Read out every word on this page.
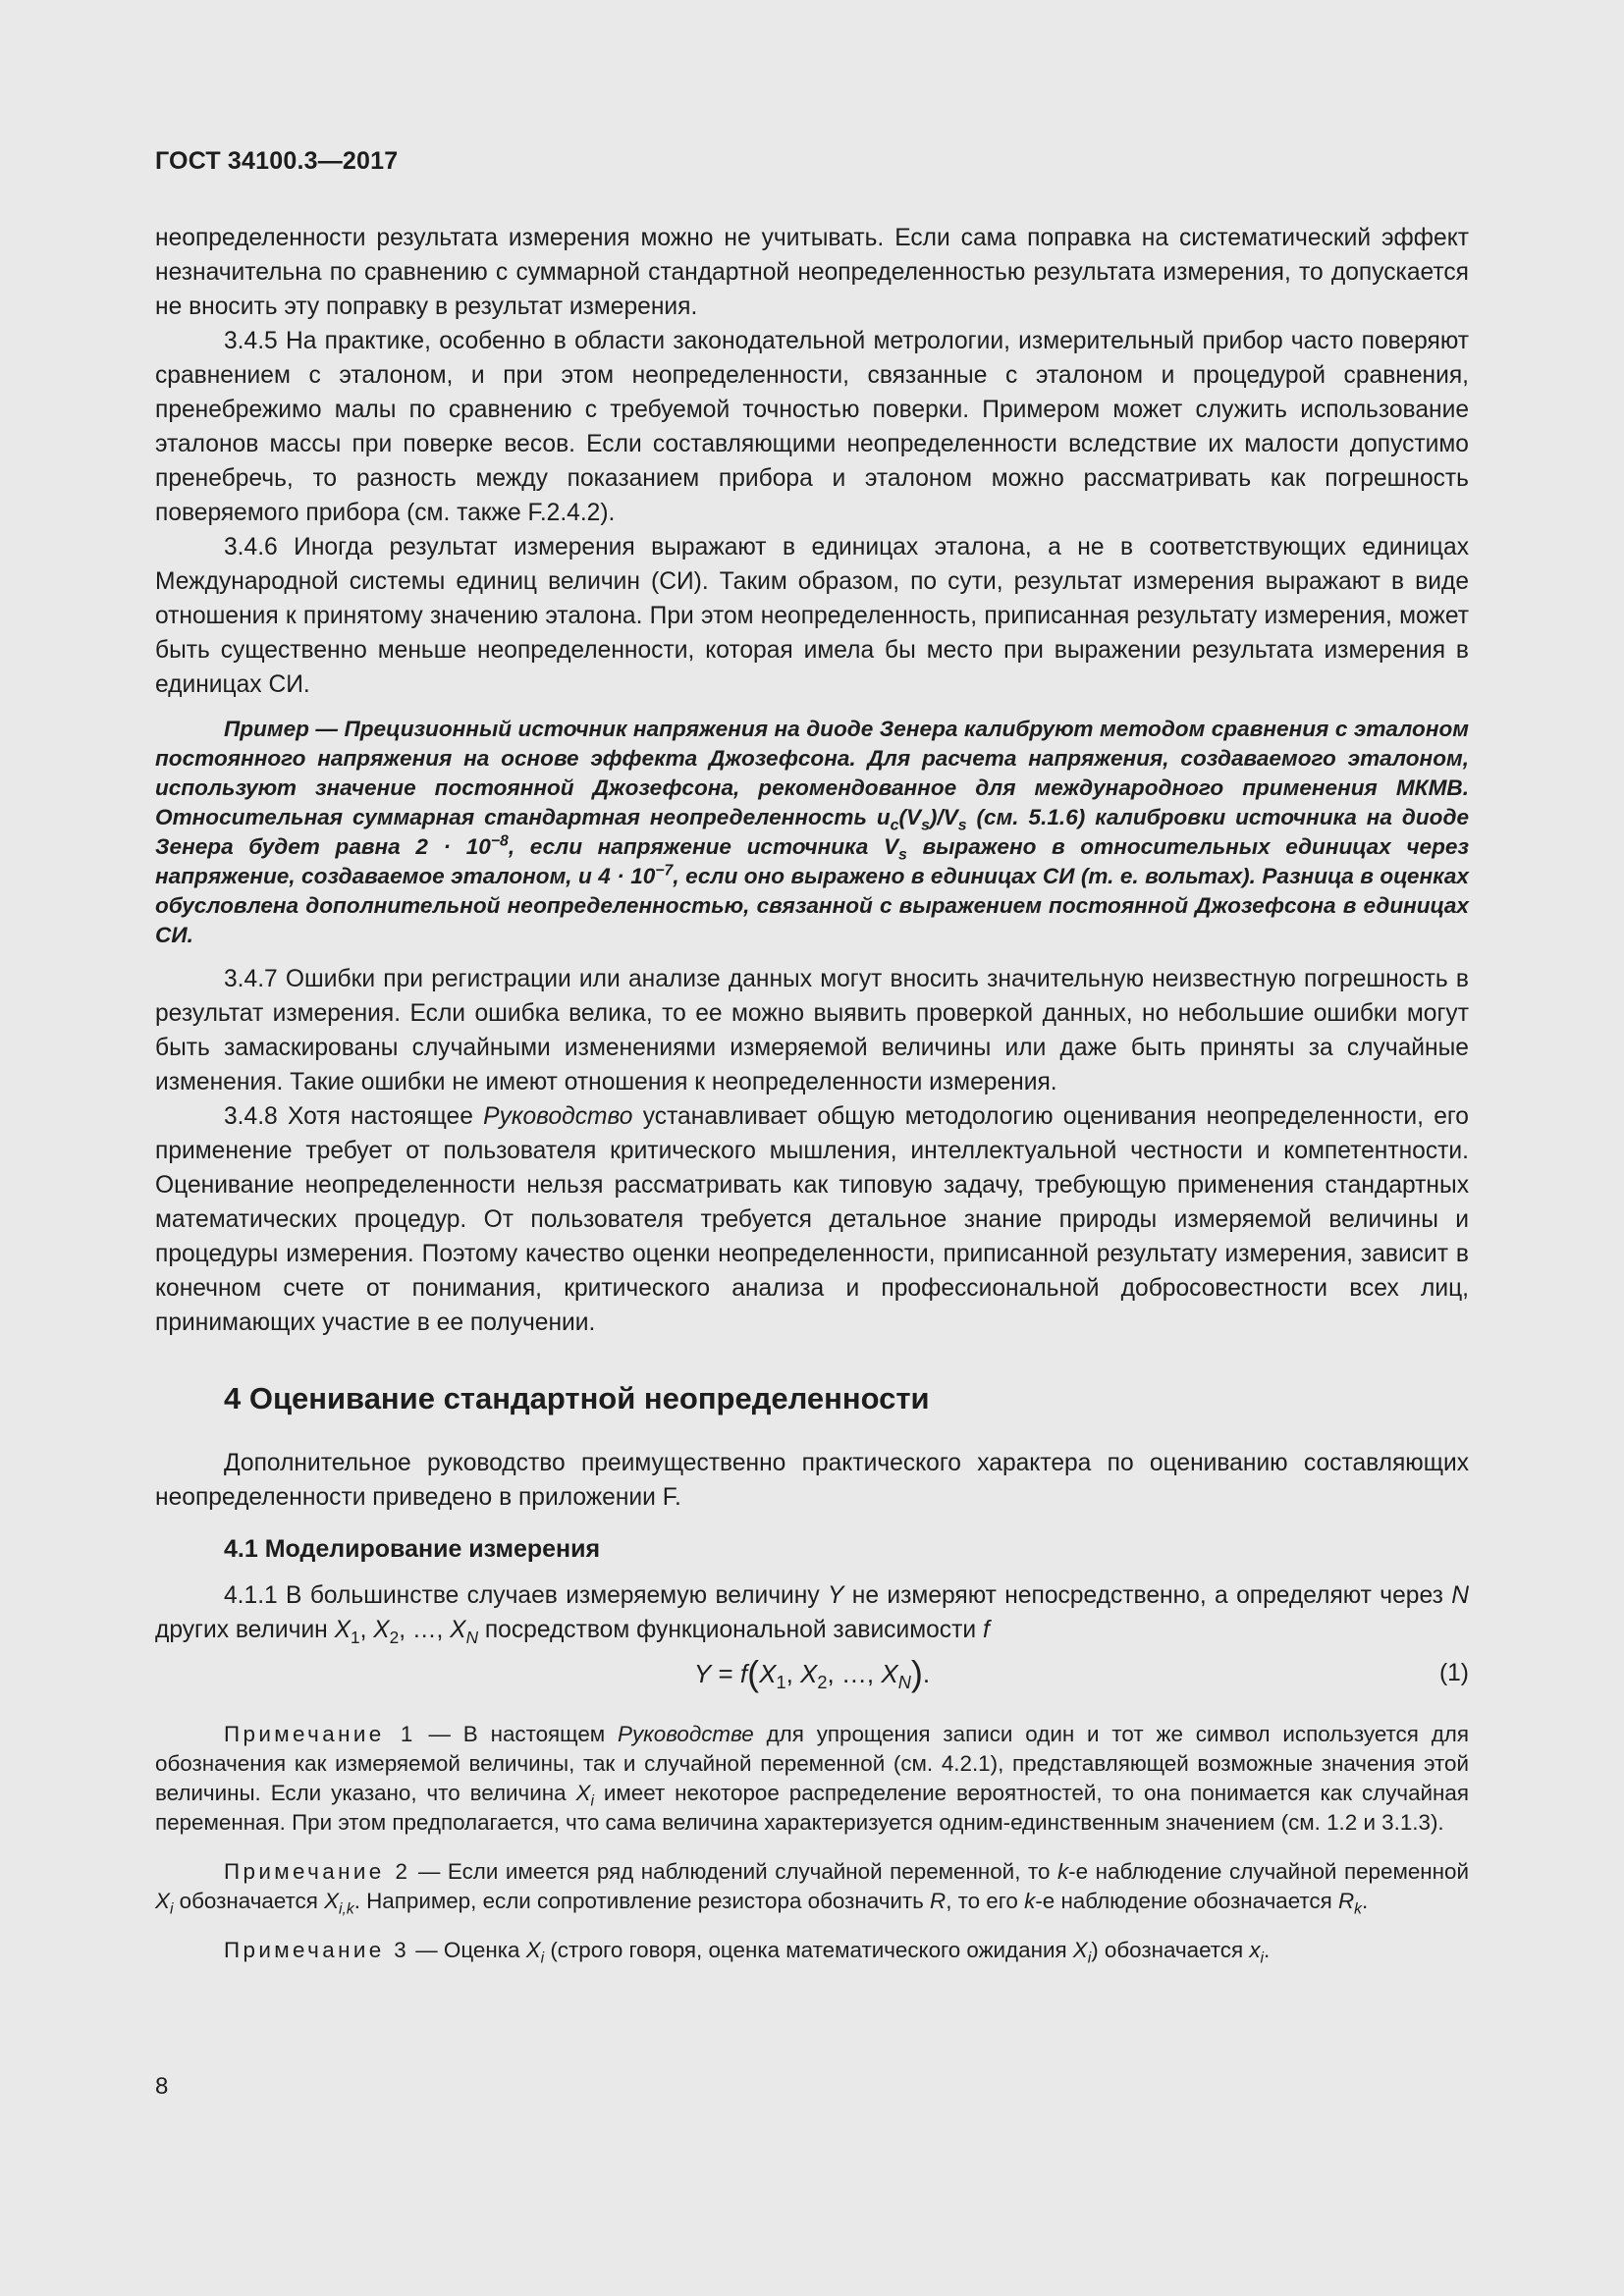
ГОСТ 34100.3—2017

неопределенности результата измерения можно не учитывать. Если сама поправка на систематический эффект незначительна по сравнению с суммарной стандартной неопределенностью результата измерения, то допускается не вносить эту поправку в результат измерения.

3.4.5 На практике, особенно в области законодательной метрологии, измерительный прибор часто поверяют сравнением с эталоном, и при этом неопределенности, связанные с эталоном и процедурой сравнения, пренебрежимо малы по сравнению с требуемой точностью поверки. Примером может служить использование эталонов массы при поверке весов. Если составляющими неопределенности вследствие их малости допустимо пренебречь, то разность между показанием прибора и эталоном можно рассматривать как погрешность поверяемого прибора (см. также F.2.4.2).

3.4.6 Иногда результат измерения выражают в единицах эталона, а не в соответствующих единицах Международной системы единиц величин (СИ). Таким образом, по сути, результат измерения выражают в виде отношения к принятому значению эталона. При этом неопределенность, приписанная результату измерения, может быть существенно меньше неопределенности, которая имела бы место при выражении результата измерения в единицах СИ.

Пример — Прецизионный источник напряжения на диоде Зенера калибруют методом сравнения с эталоном постоянного напряжения на основе эффекта Джозефсона. Для расчета напряжения, создаваемого эталоном, используют значение постоянной Джозефсона, рекомендованное для международного применения МКМВ. Относительная суммарная стандартная неопределенность $u_c(V_s)/V_s$ (см. 5.1.6) калибровки источника на диоде Зенера будет равна $2 \cdot 10^{-8}$, если напряжение источника $V_s$ выражено в относительных единицах через напряжение, создаваемое эталоном, и $4 \cdot 10^{-7}$, если оно выражено в единицах СИ (т. е. вольтах). Разница в оценках обусловлена дополнительной неопределенностью, связанной с выражением постоянной Джозефсона в единицах СИ.

3.4.7 Ошибки при регистрации или анализе данных могут вносить значительную неизвестную погрешность в результат измерения. Если ошибка велика, то ее можно выявить проверкой данных, но небольшие ошибки могут быть замаскированы случайными изменениями измеряемой величины или даже быть приняты за случайные изменения. Такие ошибки не имеют отношения к неопределенности измерения.

3.4.8 Хотя настоящее Руководство устанавливает общую методологию оценивания неопределенности, его применение требует от пользователя критического мышления, интеллектуальной честности и компетентности. Оценивание неопределенности нельзя рассматривать как типовую задачу, требующую применения стандартных математических процедур. От пользователя требуется детальное знание природы измеряемой величины и процедуры измерения. Поэтому качество оценки неопределенности, приписанной результату измерения, зависит в конечном счете от понимания, критического анализа и профессиональной добросовестности всех лиц, принимающих участие в ее получении.

4 Оценивание стандартной неопределенности

Дополнительное руководство преимущественно практического характера по оцениванию составляющих неопределенности приведено в приложении F.

4.1 Моделирование измерения

4.1.1 В большинстве случаев измеряемую величину Y не измеряют непосредственно, а определяют через N других величин $X_1$, $X_2$, …, $X_N$ посредством функциональной зависимости f

$Y = f(X_1$, $X_2$, …, $X_N$).	(1)

Примечание 1 — В настоящем Руководстве для упрощения записи один и тот же символ используется для обозначения как измеряемой величины, так и случайной переменной (см. 4.2.1), представляющей возможные значения этой величины. Если указано, что величина $X_i$ имеет некоторое распределение вероятностей, то она понимается как случайная переменная. При этом предполагается, что сама величина характеризуется одним-единственным значением (см. 1.2 и 3.1.3).

Примечание 2 — Если имеется ряд наблюдений случайной переменной, то k-е наблюдение случайной переменной $X_i$ обозначается $X_{i,k}$. Например, если сопротивление резистора обозначить R, то его k-е наблюдение обозначается $R_k$.

Примечание 3 — Оценка $X_i$ (строго говоря, оценка математического ожидания $X_i$) обозначается $x_i$.

8
